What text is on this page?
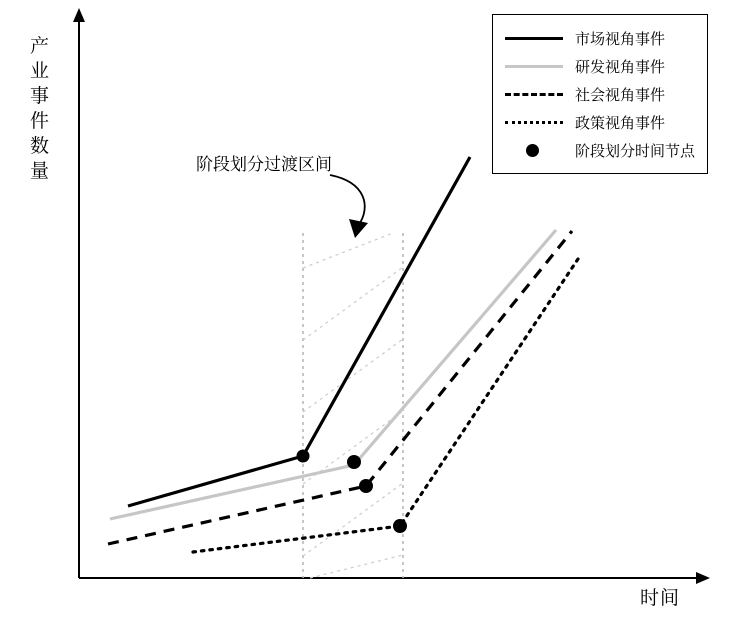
产业事件数量
时间
阶段划分过渡区间
市场视角事件
研发视角事件
社会视角事件
政策视角事件
阶段划分时间节点
